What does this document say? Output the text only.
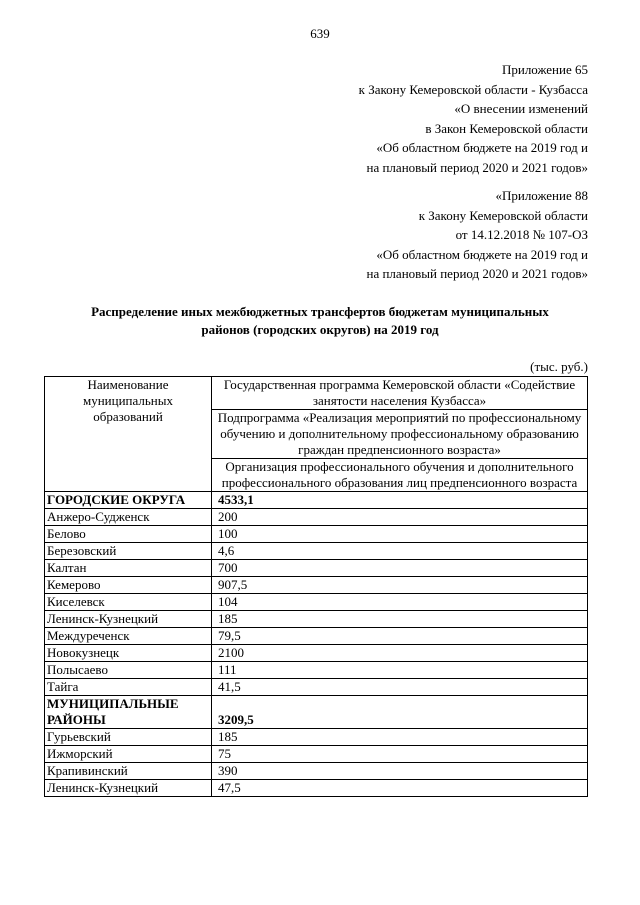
639
Приложение 65
к Закону Кемеровской области - Кузбасса
«О внесении изменений
в Закон Кемеровской области
«Об областном бюджете на 2019 год и
на плановый период 2020 и 2021 годов»
«Приложение 88
к Закону Кемеровской области
от 14.12.2018 № 107-ОЗ
«Об областном бюджете на 2019 год и
на плановый период 2020 и 2021 годов»
Распределение иных межбюджетных трансфертов бюджетам муниципальных
районов (городских округов) на 2019 год
(тыс. руб.)
Наименование муниципальных образований	Государственная программа Кемеровской области «Содействие занятости населения Кузбасса»
	Подпрограмма «Реализация мероприятий по профессиональному обучению и дополнительному профессиональному образованию граждан предпенсионного возраста»
	Организация профессионального обучения и дополнительного профессионального образования лиц предпенсионного возраста
ГОРОДСКИЕ ОКРУГА	4533,1
Анжеро-Судженск	200
Белово	100
Березовский	4,6
Калтан	700
Кемерово	907,5
Киселевск	104
Ленинск-Кузнецкий	185
Междуреченск	79,5
Новокузнецк	2100
Полысаево	111
Тайга	41,5
МУНИЦИПАЛЬНЫЕ РАЙОНЫ	3209,5
Гурьевский	185
Ижморский	75
Крапивинский	390
Ленинск-Кузнецкий	47,5
